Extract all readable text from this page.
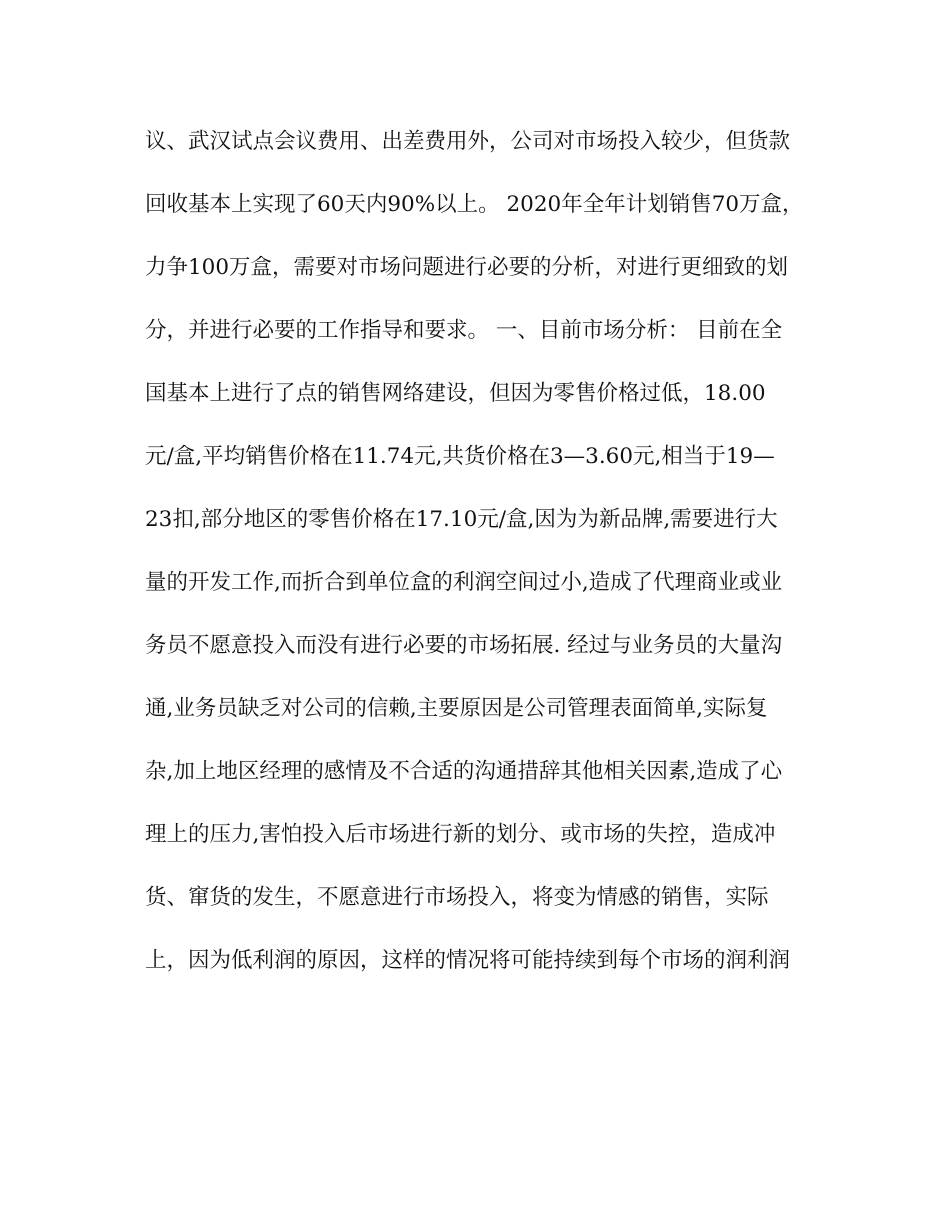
议、武汉试点会议费用、出差费用外，公司对市场投入较少，但货款
回收基本上实现了60天内90%以上。 2020年全年计划销售70万盒，
力争100万盒，需要对市场问题进行必要的分析，对进行更细致的划
分，并进行必要的工作指导和要求。 一、目前市场分析： 目前在全
国基本上进行了点的销售网络建设，但因为零售价格过低，18.00
元/盒,平均销售价格在11.74元,共货价格在3—3.60元,相当于19—
23扣,部分地区的零售价格在17.10元/盒,因为为新品牌,需要进行大
量的开发工作,而折合到单位盒的利润空间过小,造成了代理商业或业
务员不愿意投入而没有进行必要的市场拓展. 经过与业务员的大量沟
通,业务员缺乏对公司的信赖,主要原因是公司管理表面简单,实际复
杂,加上地区经理的感情及不合适的沟通措辞其他相关因素,造成了心
理上的压力,害怕投入后市场进行新的划分、或市场的失控，造成冲
货、窜货的发生，不愿意进行市场投入，将变为情感的销售，实际
上，因为低利润的原因，这样的情况将可能持续到每个市场的润利润
